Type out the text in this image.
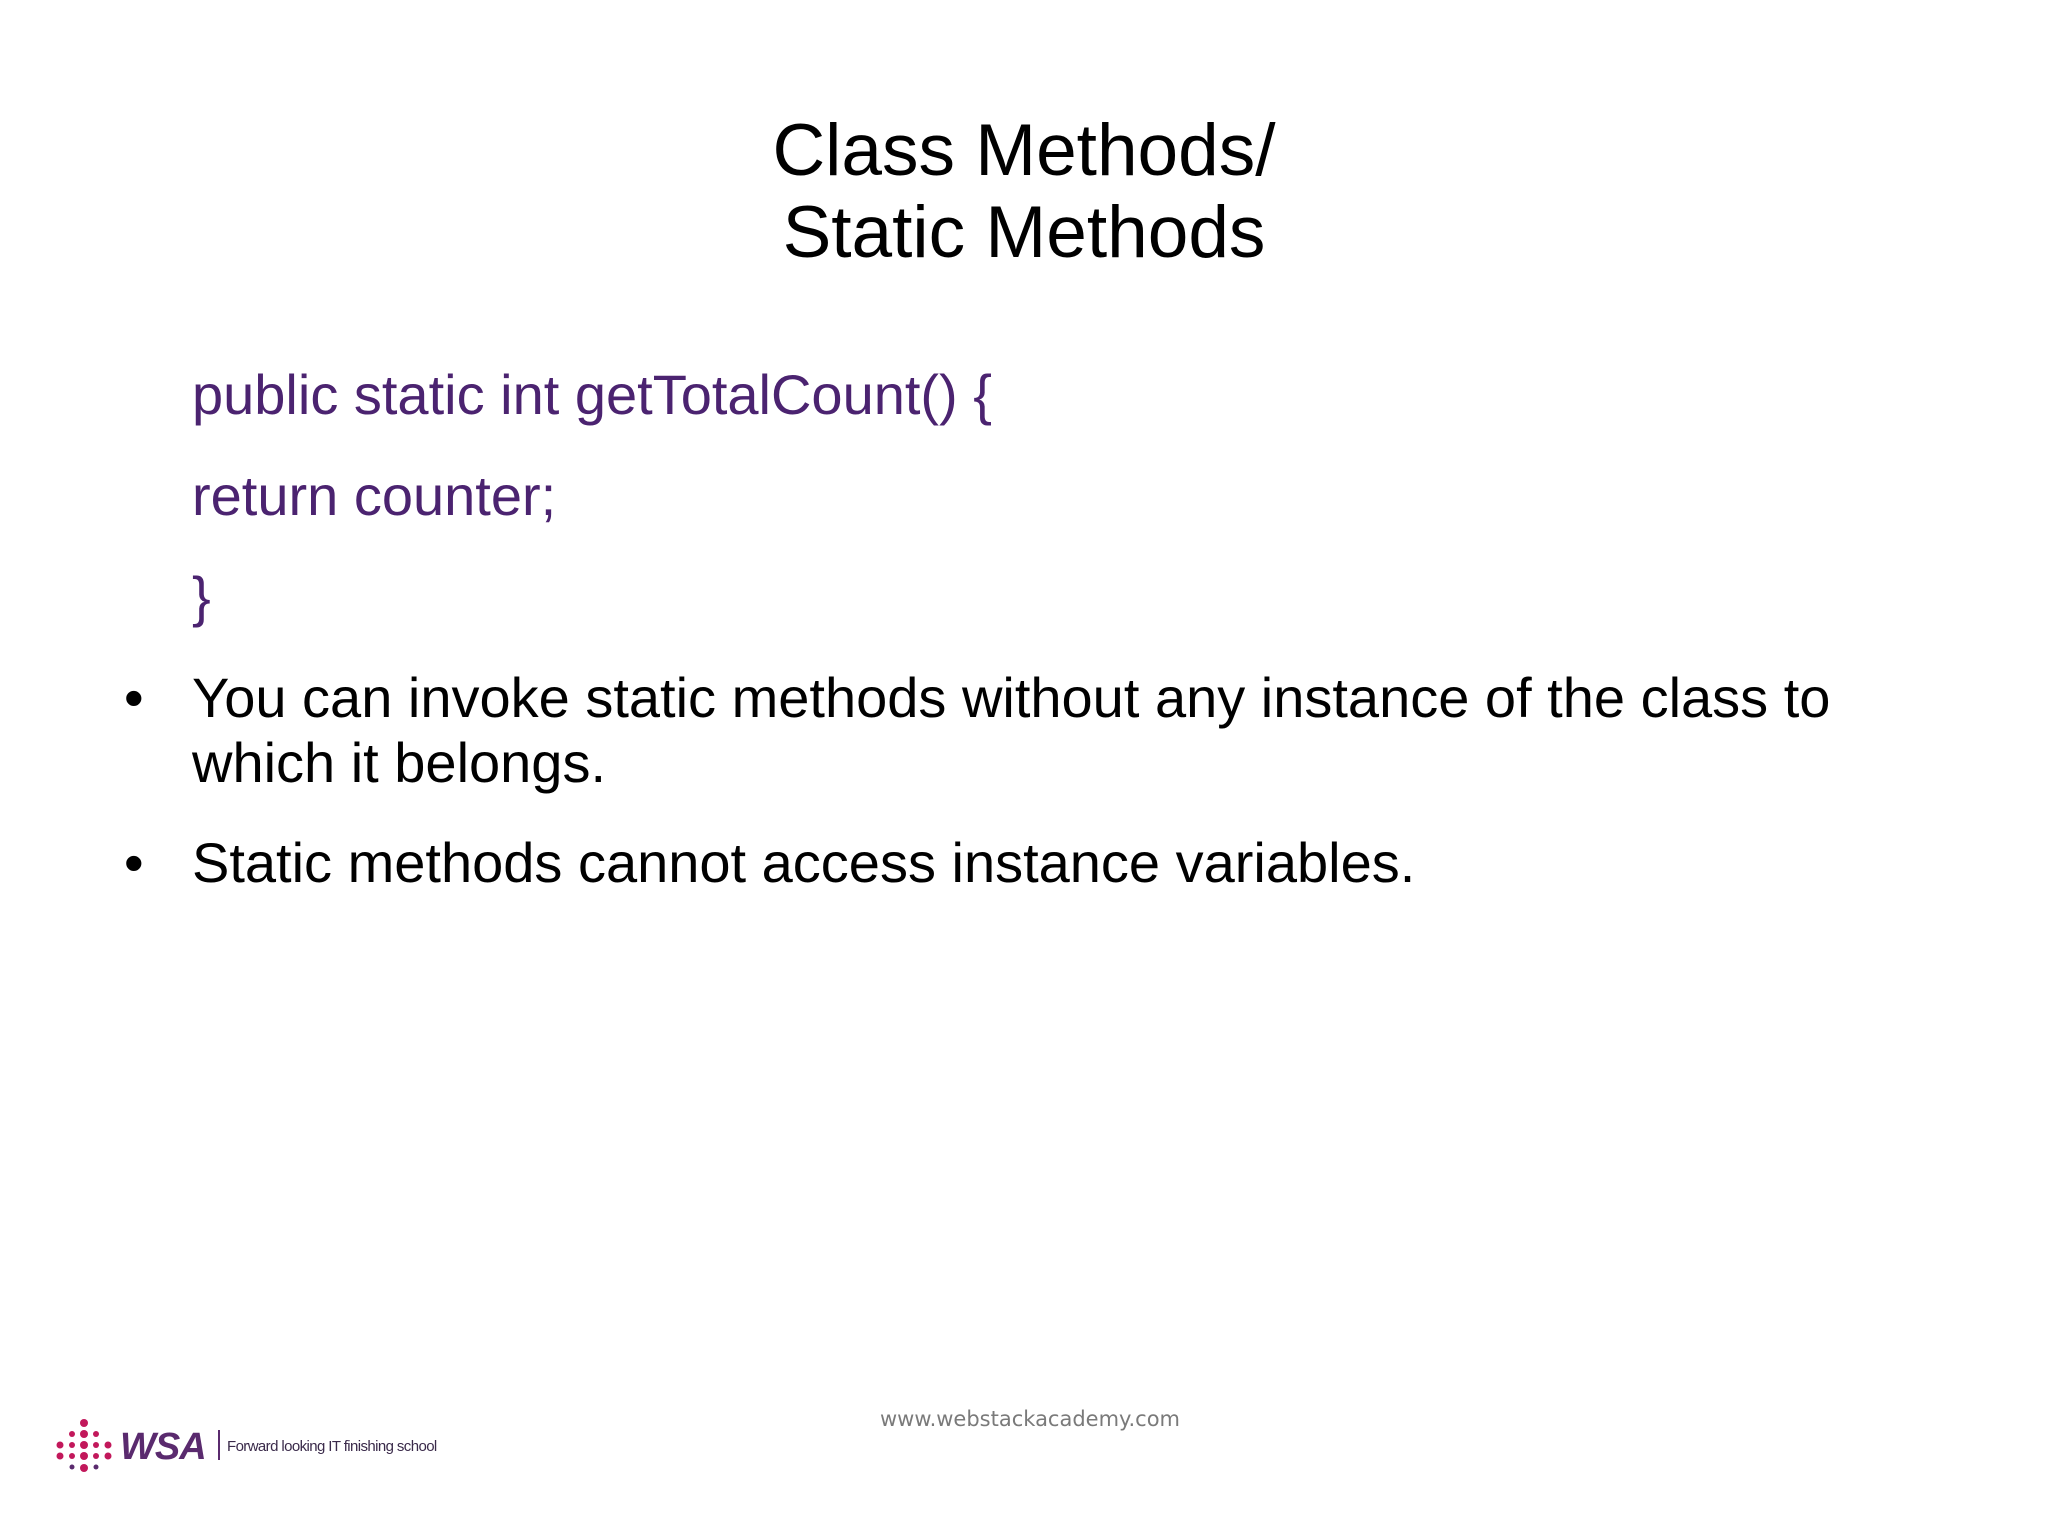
Class Methods/
Static Methods
public static int getTotalCount() {
return counter;
}
• You can invoke static methods without any instance of the class to which it belongs.
• Static methods cannot access instance variables.
www.webstackacademy.com
WSA Forward looking IT finishing school
